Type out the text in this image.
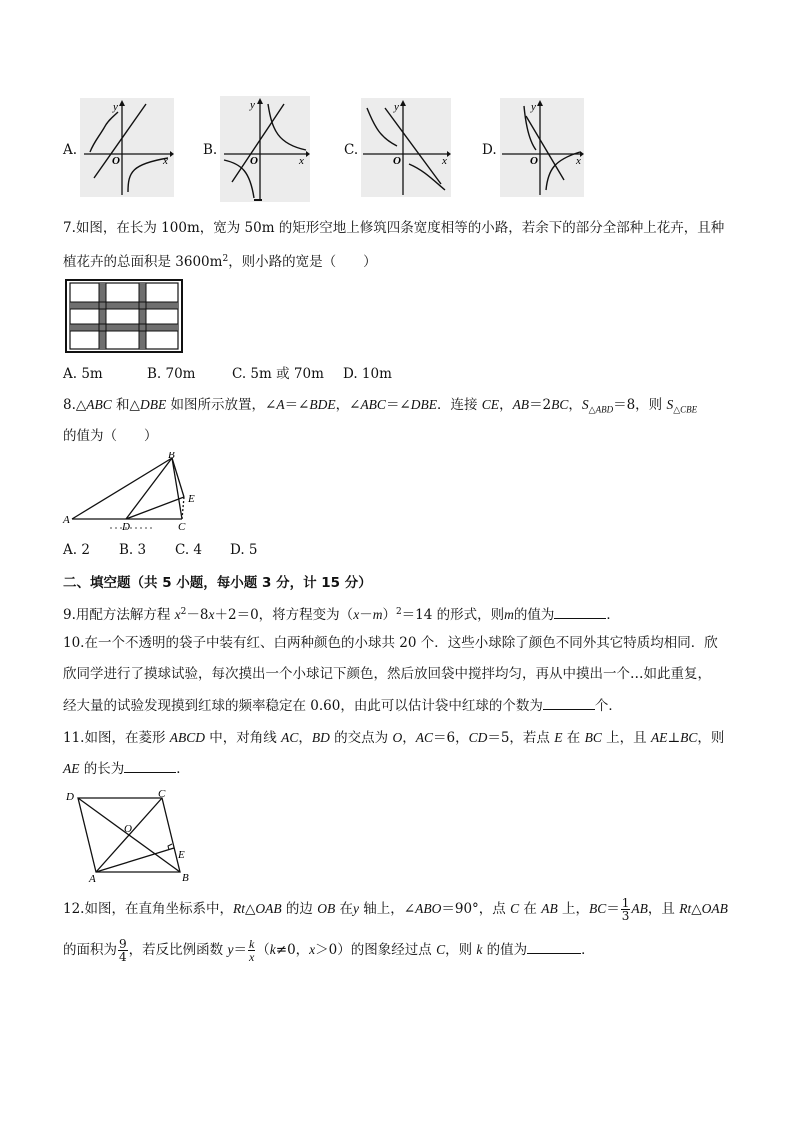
A.
y
x
O
B.
y
x
O
C.
y
x
O
D.
y
x
O
7.如图，在长为 100m，宽为 50m 的矩形空地上修筑四条宽度相等的小路，若余下的部分全部种上花卉，且种
植花卉的总面积是 $3600m^2$，则小路的宽是（　　）
A. 5m	B. 70m	C. 5m 或 70m D. 10m
8.△ABC 和△DBE 如图所示放置，∠A＝∠BDE，∠ABC＝∠DBE．连接 CE，AB＝2BC，$S_{\triangle ABD}=8$，则 $S_{\triangle CBE}$
的值为（　　）
A
B
C
D
E
A. 2 B. 3 C. 4 D. 5
二、填空题（共 5 小题，每小题 3 分，计 15 分）
9.用配方法解方程 $x^2-8x+2=0$，将方程变为$(x-m)^2=14$ 的形式，则m的值为	．
10.在一个不透明的袋子中装有红、白两种颜色的小球共 20 个．这些小球除了颜色不同外其它特质均相同．欣
欣同学进行了摸球试验，每次摸出一个小球记下颜色，然后放回袋中搅拌均匀，再从中摸出一个…如此重复，
经大量的试验发现摸到红球的频率稳定在 0.60，由此可以估计袋中红球的个数为	个．
11.如图，在菱形 ABCD 中，对角线 AC，BD 的交点为 O，AC＝6，CD＝5，若点 E 在 BC 上，且 AE⊥BC，则
AE 的长为	．
D	C
B
A
O
E
12.如图，在直角坐标系中，Rt△OAB 的边 OB 在y 轴上，∠ABO＝90°，点 C 在 AB 上，$BC= \frac{1}{3}$ AB，且 Rt△OAB
的面积为 $\frac{9}{4}$ ，若反比例函数 $y= \frac{k}{x} (k\ne 0$，x＞0）的图象经过点 C，则 k 的值为	．
